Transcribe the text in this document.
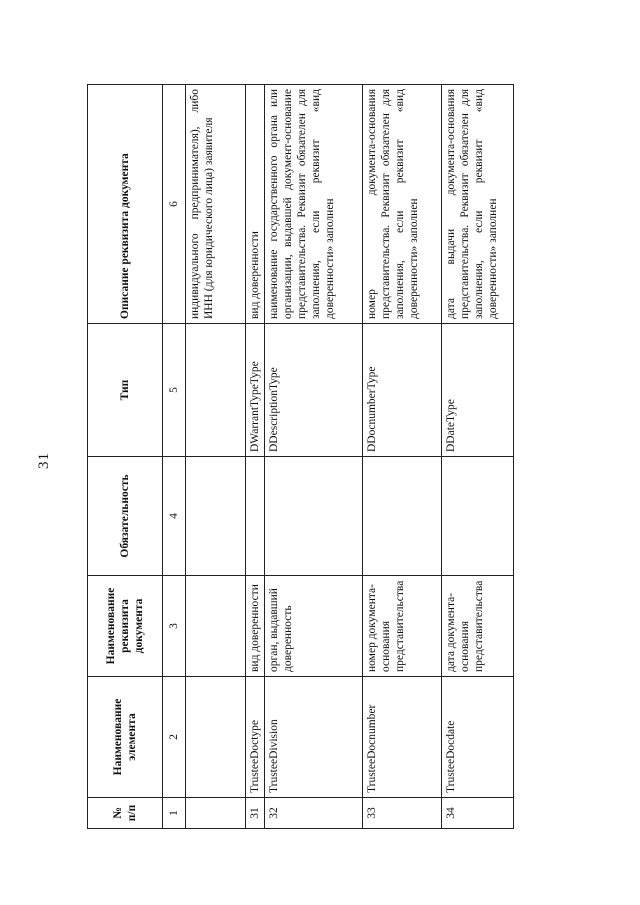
31
№ п/п	Наименование элемента	Наименование реквизита документа	Обязательность	Тип	Описание реквизита документа
1	2	3	4	5	6
					индивидуального предпринимателя), либо ИНН (для юридического лица) заявителя
31	TrusteeDoctype	вид доверенности		DWarrantTypeType	вид доверенности
32	TrusteeDivision	орган, выдавший доверенность		DDescriptionType	наименование государственного органа или организации, выдавшей документ-основание представительства. Реквизит обязателен для заполнения, если реквизит «вид доверенности» заполнен
33	TrusteeDocnumber	номер документа-основания представительства		DDocnumberType	номер документа-основания представительства. Реквизит обязателен для заполнения, если реквизит «вид доверенности» заполнен
34	TrusteeDocdate	дата документа-основания представительства		DDateType	дата выдачи документа-основания представительства. Реквизит обязателен для заполнения, если реквизит «вид доверенности» заполнен
